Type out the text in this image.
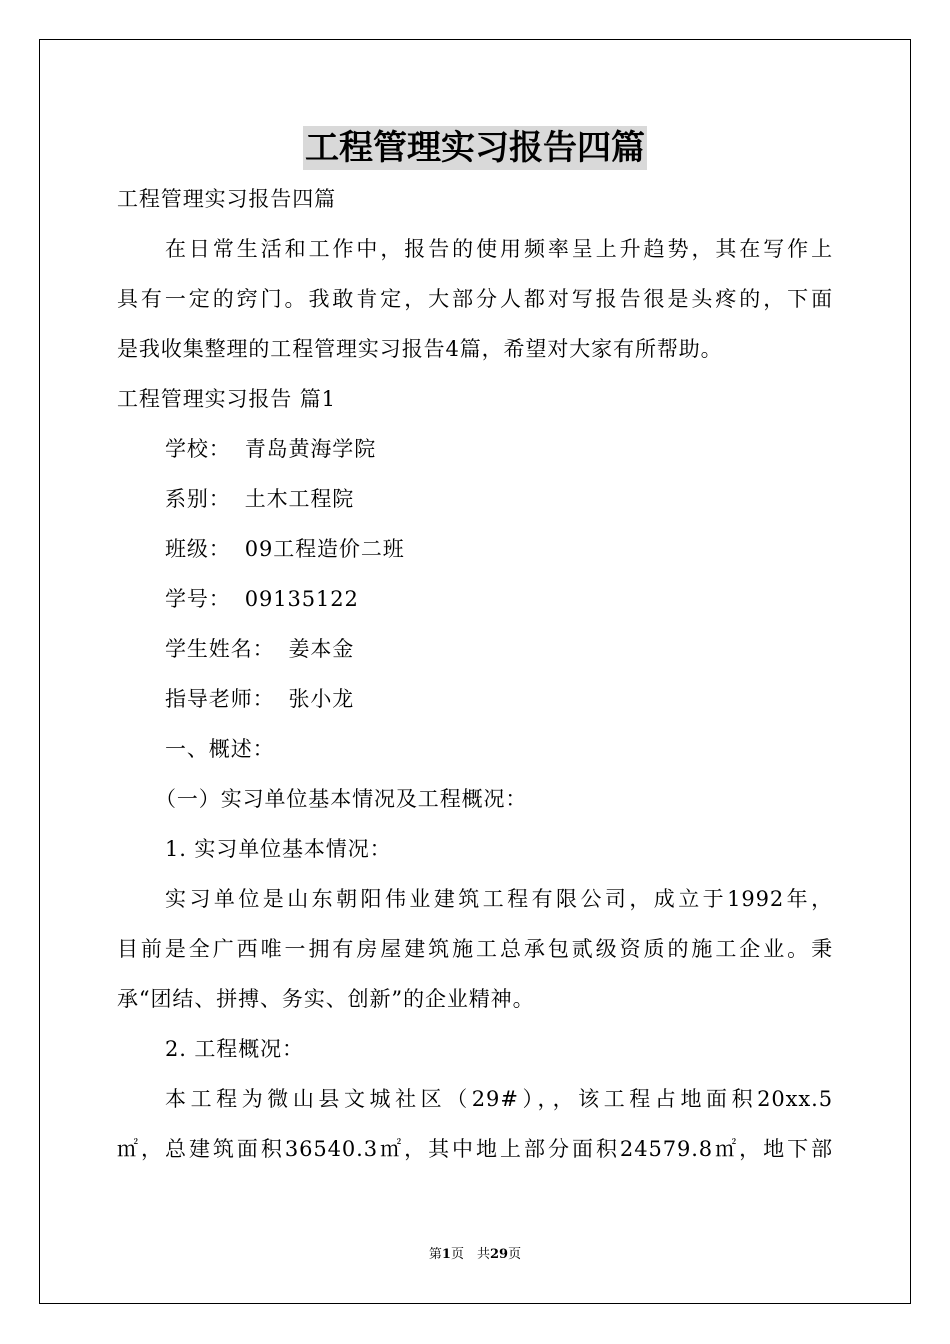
工程管理实习报告四篇
工程管理实习报告四篇
在日常生活和工作中，报告的使用频率呈上升趋势，其在写作上
具有一定的窍门。我敢肯定，大部分人都对写报告很是头疼的，下面
是我收集整理的工程管理实习报告4篇，希望对大家有所帮助。
工程管理实习报告 篇1
学校： 青岛黄海学院
系别： 土木工程院
班级： 09工程造价二班
学号： 09135122
学生姓名： 姜本金
指导老师： 张小龙
一、概述：
（一）实习单位基本情况及工程概况：
1. 实习单位基本情况：
实习单位是山东朝阳伟业建筑工程有限公司，成立于1992年，
目前是全广西唯一拥有房屋建筑施工总承包贰级资质的施工企业。秉
承“团结、拼搏、务实、创新”的企业精神。
2. 工程概况：
本工程为微山县文城社区（29#），，该工程占地面积20xx.5
㎡，总建筑面积36540.3㎡，其中地上部分面积24579.8㎡，地下部
第1页　共29页
